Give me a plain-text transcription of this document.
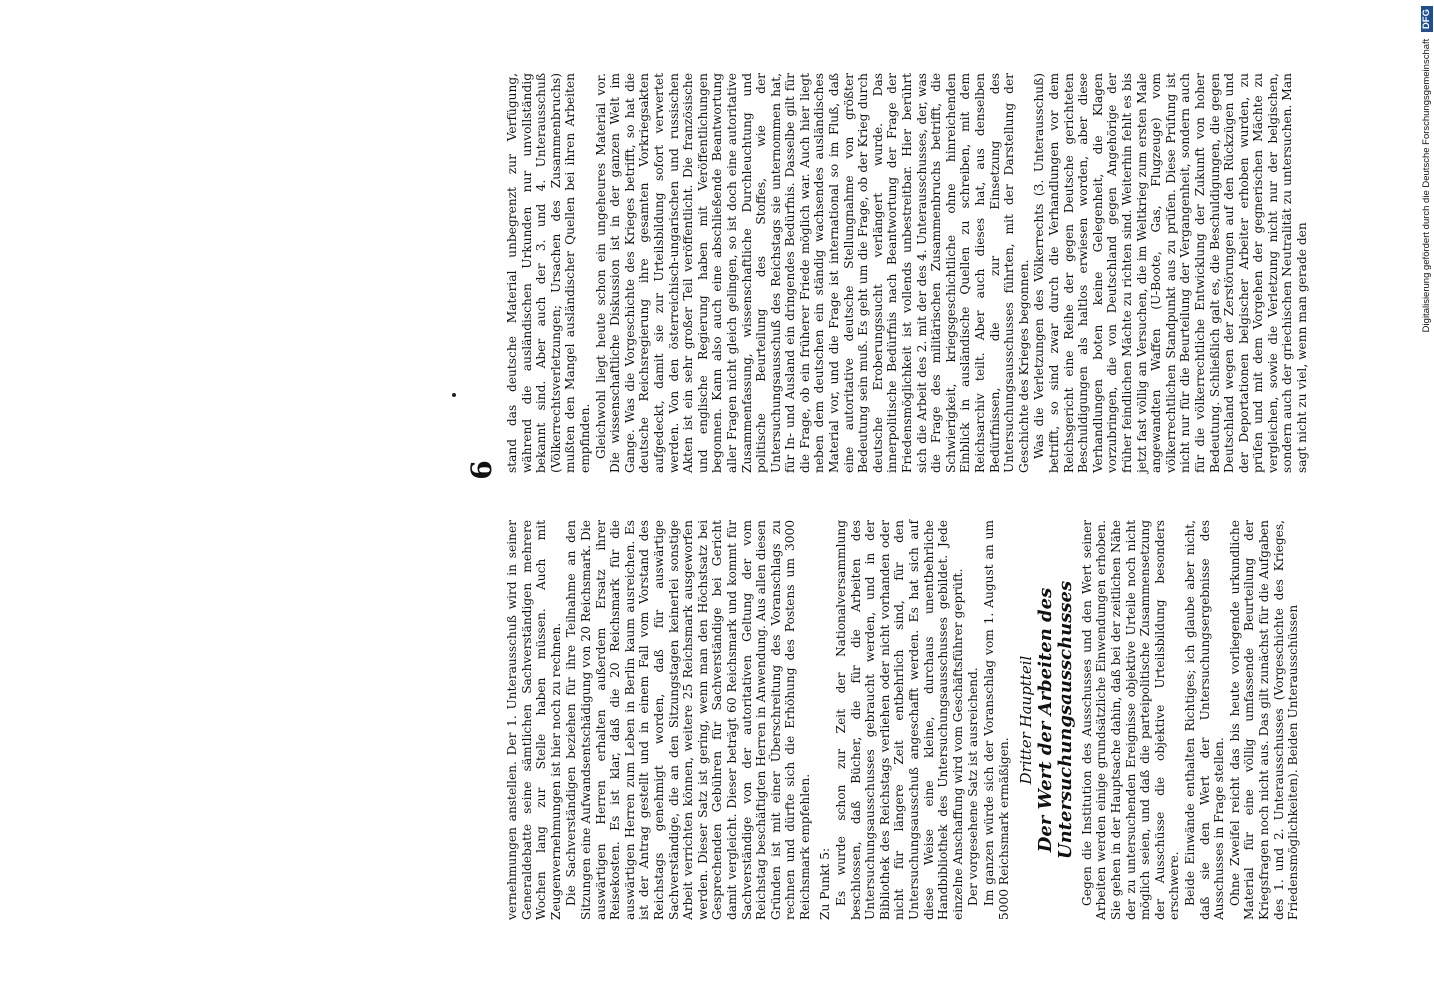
6

vernehmungen anstellen. Der 1. Unterausschuß wird in seiner Generaldebatte seine sämtlichen Sachverständigen mehrere Wochen lang zur Stelle haben müssen. Auch mit Zeugenvernehmungen ist hier noch zu rechnen. Die Sachverständigen beziehen für ihre Teilnahme an den Sitzungen eine Aufwandsentschädigung von 20 Reichsmark. Die auswärtigen Herren erhalten außerdem Ersatz ihrer Reisekosten. Es ist klar, daß die 20 Reichsmark für die auswärtigen Herren zum Leben in Berlin kaum ausreichen. Es ist der Antrag gestellt und in einem Fall vom Vorstand des Reichstags genehmigt worden, daß für auswärtige Sachverständige, die an den Sitzungstagen keinerlei sonstige Arbeit verrichten können, weitere 25 Reichsmark ausgeworfen werden. Dieser Satz ist gering, wenn man den Höchstsatz bei Gesprechenden Gebühren für Sachverständige bei Gericht damit vergleicht. Dieser beträgt 60 Reichsmark und kommt für Sachverständige von der autoritativen Geltung der vom Reichstag beschäftigten Herren in Anwendung. Aus allen diesen Gründen ist mit einer Überschreitung des Voranschlags zu rechnen und dürfte sich die Erhöhung des Postens um 3000 Reichsmark empfehlen. Zu Punkt 5: Es wurde schon zur Zeit der Nationalversammlung beschlossen, daß Bücher, die für die Arbeiten des Untersuchungsausschusses gebraucht werden, und in der Bibliothek des Reichstags verliehen oder nicht vorhanden oder nicht für längere Zeit entbehrlich sind, für den Untersuchungsausschuß angeschafft werden. Es hat sich auf diese Weise eine kleine, durchaus unentbehrliche Handbibliothek des Untersuchungsausschusses gebildet. Jede einzelne Anschaffung wird vom Geschäftsführer geprüft. Der vorgesehene Satz ist ausreichend. Im ganzen würde sich der Voranschlag vom 1. August an um 5000 Reichsmark ermäßigen.

Dritter Hauptteil Der Wert der Arbeiten des Untersuchungsausschusses Gegen die Institution des Ausschusses und den Wert seiner Arbeiten werden einige grundsätzliche Einwendungen erhoben. Sie gehen in der Hauptsache dahin, daß bei der zeitlichen Nähe der zu untersuchenden Ereignisse objektive Urteile noch nicht möglich seien, und daß die parteipolitische Zusammensetzung der Ausschüsse die objektive Urteilsbildung besonders erschwere. Beide Einwände enthalten Richtiges; ich glaube aber nicht, daß sie den Wert der Untersuchungsergebnisse des Ausschusses in Frage stellen. Ohne Zweifel reicht das bis heute vorliegende urkundliche Material für eine völlig umfassende Beurteilung der Kriegsfragen noch nicht aus. Das gilt zunächst für die Aufgaben des 1. und 2. Unterausschusses (Vorgeschichte des Krieges, Friedensmöglichkeiten). Beiden Unterausschüssen

stand das deutsche Material unbegrenzt zur Verfügung, während die ausländischen Urkunden nur unvollständig bekannt sind. Aber auch der 3. und 4. Unterausschuß (Völkerrechtsverletzungen; Ursachen des Zusammenbruchs) mußten den Mangel ausländischer Quellen bei ihren Arbeiten empfinden. Gleichwohl liegt heute schon ein ungeheures Material vor. Die wissenschaftliche Diskussion ist in der ganzen Welt im Gange. Was die Vorgeschichte des Krieges betrifft, so hat die deutsche Reichsregierung ihre gesamten Vorkriegsakten aufgedeckt, damit sie zur Urteilsbildung sofort verwertet werden. Von den österreichisch-ungarischen und russischen Akten ist ein sehr großer Teil veröffentlicht. Die französische und englische Regierung haben mit Veröffentlichungen begonnen. Kann also auch eine abschließende Beantwortung aller Fragen nicht gleich gelingen, so ist doch eine autoritative Zusammenfassung, wissenschaftliche Durchleuchtung und politische Beurteilung des Stoffes, wie der Untersuchungsausschuß des Reichstags sie unternommen hat, für In- und Ausland ein dringendes Bedürfnis. Dasselbe gilt für die Frage, ob ein früherer Friede möglich war. Auch hier liegt neben dem deutschen ein ständig wachsendes ausländisches Material vor, und die Frage ist international so im Fluß, daß eine autoritative deutsche Stellungnahme von größter Bedeutung sein muß. Es geht um die Frage, ob der Krieg durch deutsche Eroberungssucht verlängert wurde. Das innerpolitische Bedürfnis nach Beantwortung der Frage der Friedensmöglichkeit ist vollends unbestreitbar. Hier berührt sich die Arbeit des 2. mit der des 4. Unterausschusses, der, was die Frage des militärischen Zusammenbruchs betrifft, die Schwierigkeit, kriegsgeschichtliche ohne hinreichenden Einblick in ausländische Quellen zu schreiben, mit dem Reichsarchiv teilt. Aber auch dieses hat, aus denselben Bedürfnissen, die zur Einsetzung des Untersuchungsausschusses führten, mit der Darstellung der Geschichte des Krieges begonnen. Was die Verletzungen des Völkerrechts (3. Unterausschuß) betrifft, so sind zwar durch die Verhandlungen vor dem Reichsgericht eine Reihe der gegen Deutsche gerichteten Beschuldigungen als haltlos erwiesen worden, aber diese Verhandlungen boten keine Gelegenheit, die Klagen vorzubringen, die von Deutschland gegen Angehörige der früher feindlichen Mächte zu richten sind. Weiterhin fehlt es bis jetzt fast völlig an Versuchen, die im Weltkrieg zum ersten Male angewandten Waffen (U-Boote, Gas, Flugzeuge) vom völkerrechtlichen Standpunkt aus zu prüfen. Diese Prüfung ist nicht nur für die Beurteilung der Vergangenheit, sondern auch für die völkerrechtliche Entwicklung der Zukunft von hoher Bedeutung. Schließlich galt es, die Beschuldigungen, die gegen Deutschland wegen der Zerstörungen auf den Rückzügen und der Deportationen belgischer Arbeiter erhoben wurden, zu prüfen und mit dem Vorgehen der gegnerischen Mächte zu vergleichen, sowie die Verletzung nicht nur der belgischen, sondern auch der griechischen Neutralität zu untersuchen. Man sagt nicht zu viel, wenn man gerade den

Digitalisierung gefördert durch die Deutsche Forschungsgemeinschaft DFG
